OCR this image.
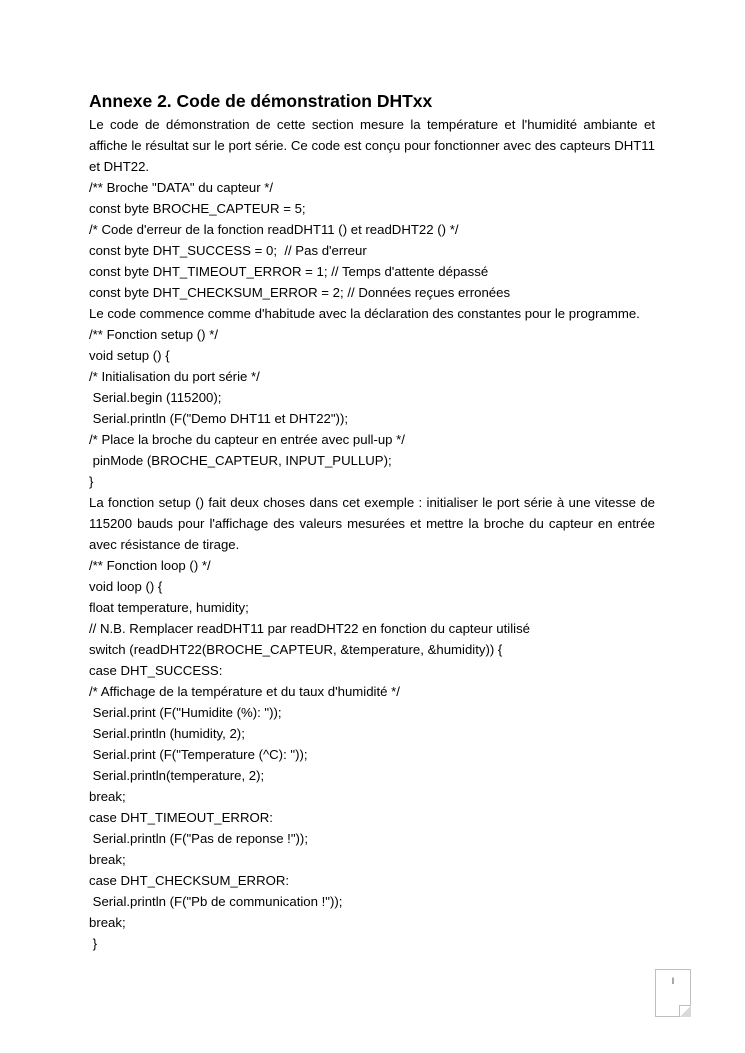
Annexe 2. Code de démonstration DHTxx

Le code de démonstration de cette section mesure la température et l'humidité ambiante et affiche le résultat sur le port série. Ce code est conçu pour fonctionner avec des capteurs DHT11 et DHT22.

/** Broche "DATA" du capteur */
const byte BROCHE_CAPTEUR = 5;
/* Code d'erreur de la fonction readDHT11 () et readDHT22 () */
const byte DHT_SUCCESS = 0;  // Pas d'erreur
const byte DHT_TIMEOUT_ERROR = 1; // Temps d'attente dépassé
const byte DHT_CHECKSUM_ERROR = 2; // Données reçues erronées

Le code commence comme d'habitude avec la déclaration des constantes pour le programme.

/** Fonction setup () */
void setup () {
/* Initialisation du port série */
Serial.begin (115200);
Serial.println (F("Demo DHT11 et DHT22"));
/* Place la broche du capteur en entrée avec pull-up */
pinMode (BROCHE_CAPTEUR, INPUT_PULLUP);
}

La fonction setup () fait deux choses dans cet exemple : initialiser le port série à une vitesse de 115200 bauds pour l'affichage des valeurs mesurées et mettre la broche du capteur en entrée avec résistance de tirage.

/** Fonction loop () */
void loop () {
float temperature, humidity;
// N.B. Remplacer readDHT11 par readDHT22 en fonction du capteur utilisé
switch (readDHT22(BROCHE_CAPTEUR, &temperature, &humidity)) {
case DHT_SUCCESS:
/* Affichage de la température et du taux d'humidité */
Serial.print (F("Humidite (%): "));
Serial.println (humidity, 2);
Serial.print (F("Temperature (^C): "));
Serial.println(temperature, 2);
break;
case DHT_TIMEOUT_ERROR:
Serial.println (F("Pas de reponse !"));
break;
case DHT_CHECKSUM_ERROR:
Serial.println (F("Pb de communication !"));
break;
}
I
